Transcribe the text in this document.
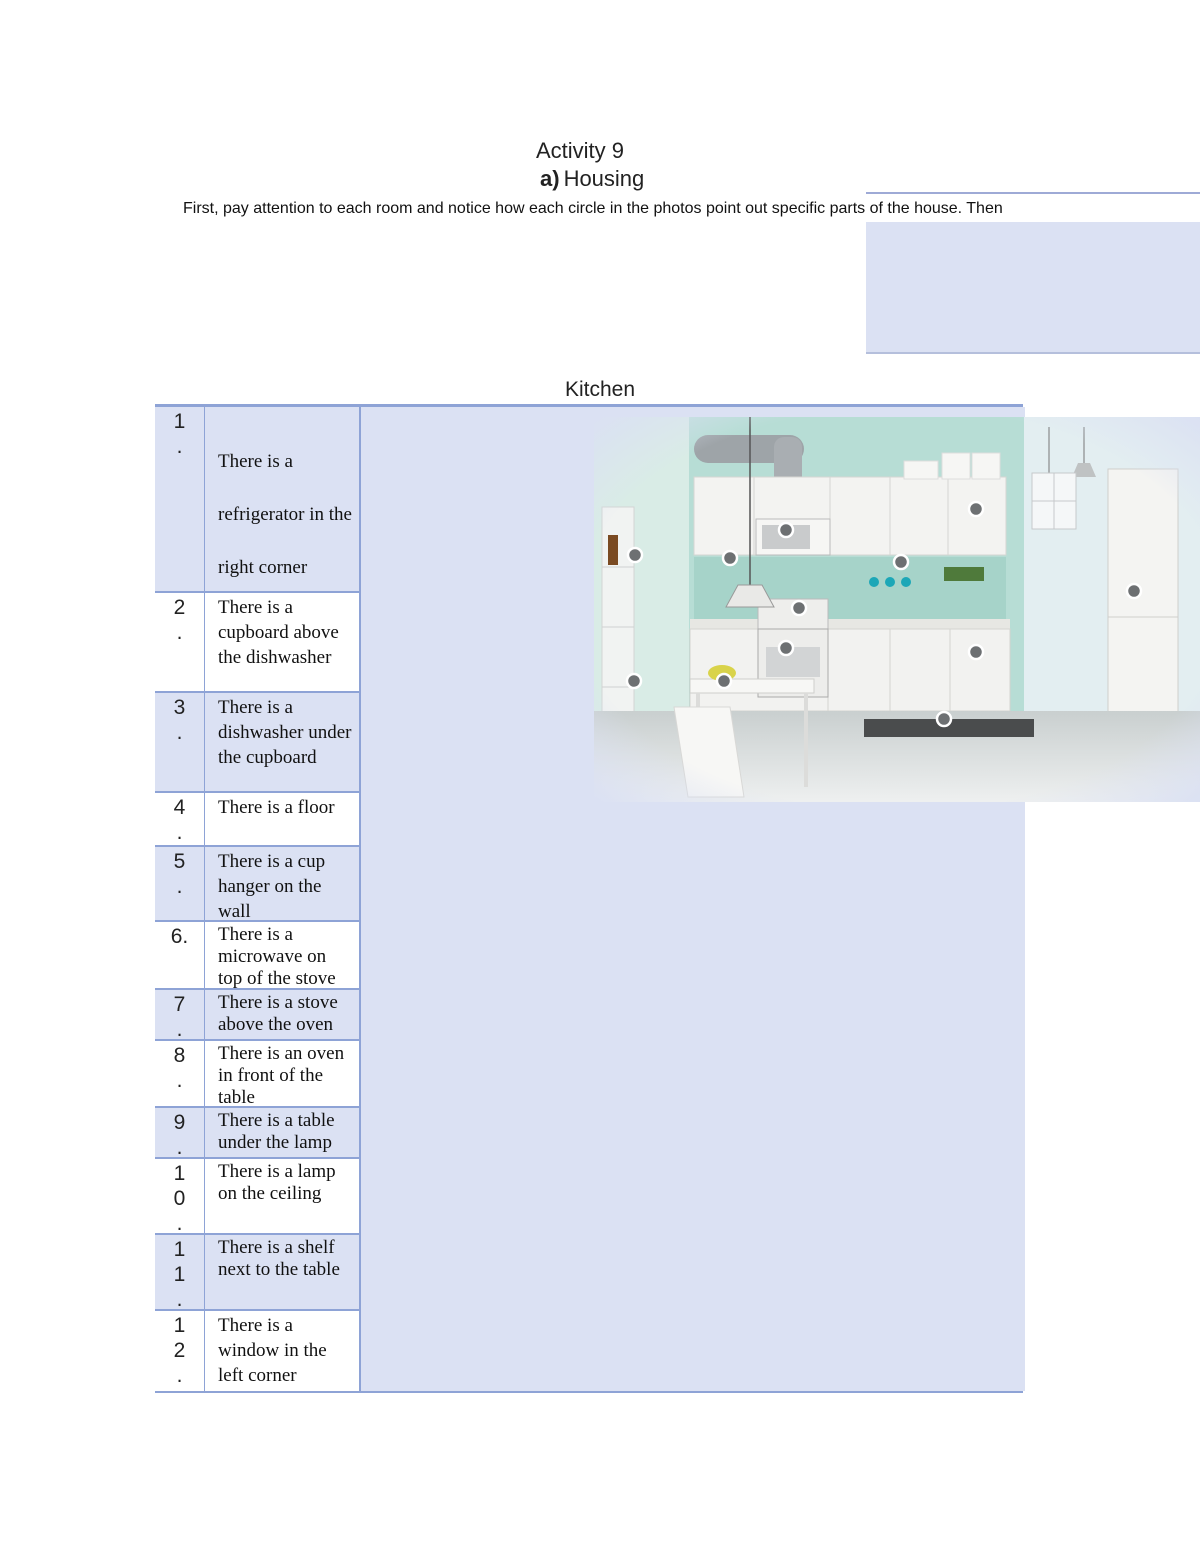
Activity 9
a) Housing
First, pay attention to each room and notice how each circle in the photos point out specific parts of the house. Then
Kitchen
1
.
There is a refrigerator in the right corner
2
.
There is a cupboard above the dishwasher
3
.
There is a dishwasher under the cupboard
4
.
There is a floor
5
.
There is a cup hanger on the wall
6.	There is a microwave on top of the stove
7
.
There is a stove above the oven
8
.
There is an oven in front of the table
9
.
There is a table under the lamp
1
0
.
There is a lamp on the ceiling
1
1
.
There is a shelf next to the table
1
2
.
There is a window in the left corner
